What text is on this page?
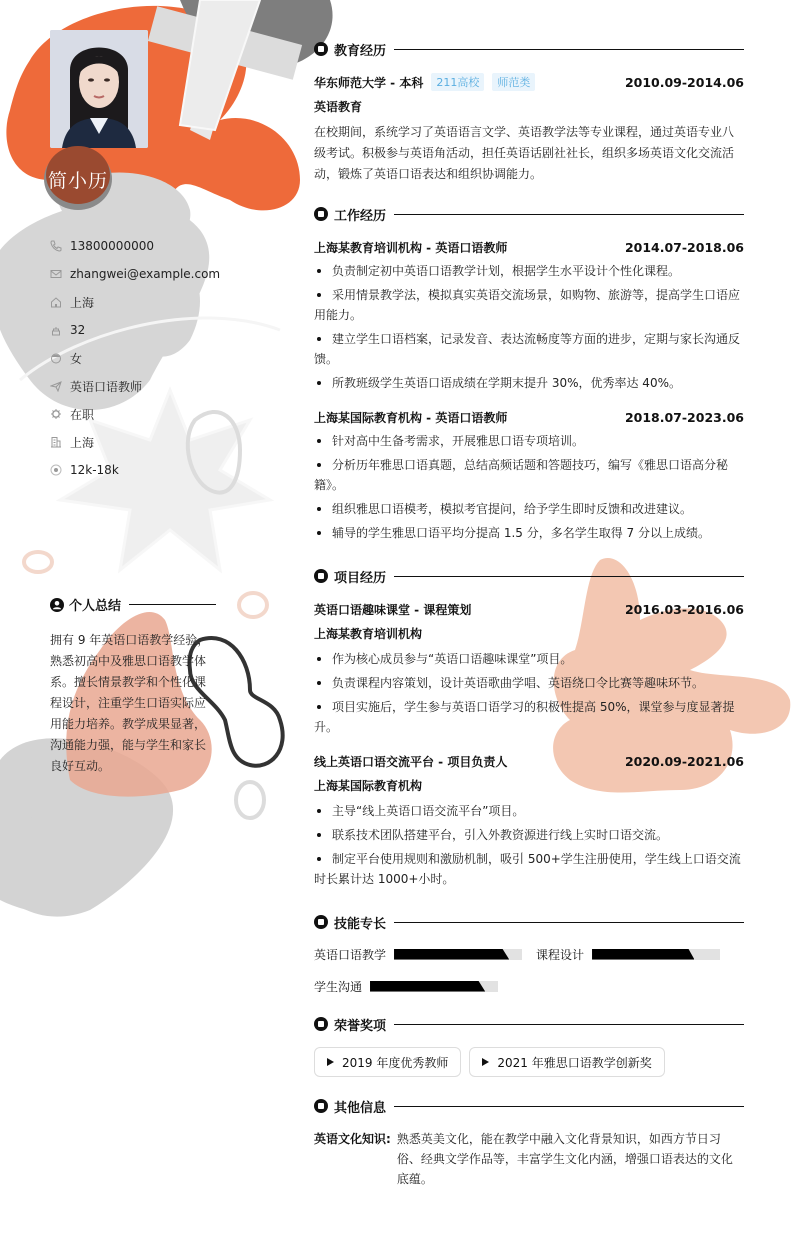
简小历
13800000000
zhangwei@example.com
上海
32
女
英语口语教师
在职
上海
12k-18k
个人总结
拥有 9 年英语口语教学经验，熟悉初高中及雅思口语教学体系。擅长情景教学和个性化课程设计，注重学生口语实际应用能力培养。教学成果显著，沟通能力强，能与学生和家长良好互动。
教育经历
华东师范大学 - 本科	211高校	师范类	2010.09-2014.06
英语教育
在校期间，系统学习了英语语言文学、英语教学法等专业课程，通过英语专业八级考试。积极参与英语角活动，担任英语话剧社社长，组织多场英语文化交流活动，锻炼了英语口语表达和组织协调能力。
工作经历
上海某教育培训机构 - 英语口语教师	2014.07-2018.06
负责制定初中英语口语教学计划，根据学生水平设计个性化课程。
采用情景教学法，模拟真实英语交流场景，如购物、旅游等，提高学生口语应用能力。
建立学生口语档案，记录发音、表达流畅度等方面的进步，定期与家长沟通反馈。
所教班级学生英语口语成绩在学期末提升 30%，优秀率达 40%。
上海某国际教育机构 - 英语口语教师	2018.07-2023.06
针对高中生备考需求，开展雅思口语专项培训。
分析历年雅思口语真题，总结高频话题和答题技巧，编写《雅思口语高分秘籍》。
组织雅思口语模考，模拟考官提问，给予学生即时反馈和改进建议。
辅导的学生雅思口语平均分提高 1.5 分，多名学生取得 7 分以上成绩。
项目经历
英语口语趣味课堂 - 课程策划	2016.03-2016.06
上海某教育培训机构
作为核心成员参与“英语口语趣味课堂”项目。
负责课程内容策划，设计英语歌曲学唱、英语绕口令比赛等趣味环节。
项目实施后，学生参与英语口语学习的积极性提高 50%，课堂参与度显著提升。
线上英语口语交流平台 - 项目负责人	2020.09-2021.06
上海某国际教育机构
主导“线上英语口语交流平台”项目。
联系技术团队搭建平台，引入外教资源进行线上实时口语交流。
制定平台使用规则和激励机制，吸引 500+学生注册使用，学生线上口语交流时长累计达 1000+小时。
技能专长
英语口语教学	课程设计
学生沟通
荣誉奖项
2019 年度优秀教师	2021 年雅思口语教学创新奖
其他信息
英语文化知识: 熟悉英美文化，能在教学中融入文化背景知识，如西方节日习俗、经典文学作品等，丰富学生文化内涵，增强口语表达的文化底蕴。
